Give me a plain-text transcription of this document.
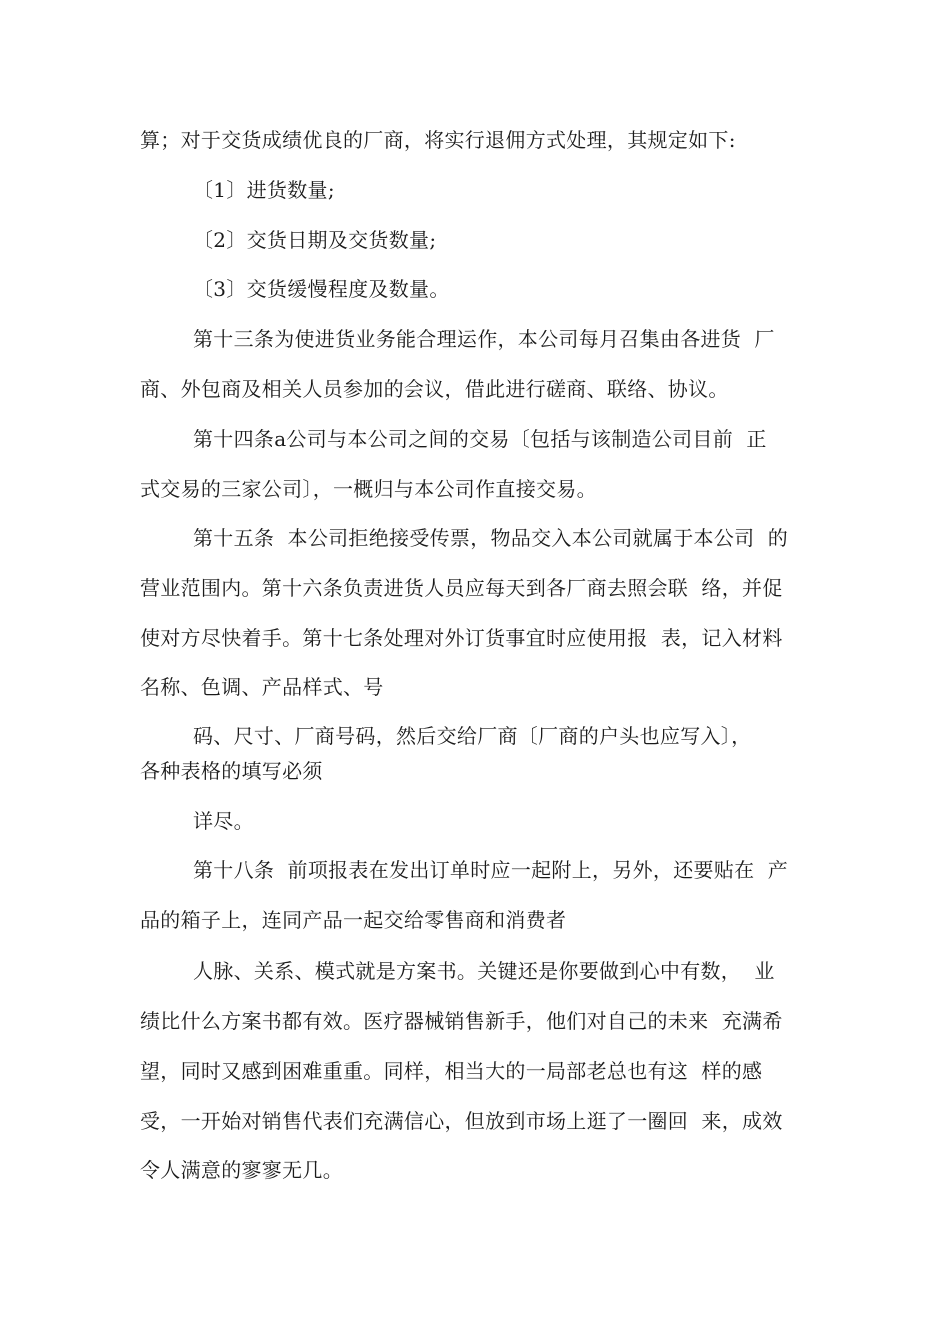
算；对于交货成绩优良的厂商，将实行退佣方式处理，其规定如下:
〔1〕进货数量;
〔2〕交货日期及交货数量;
〔3〕交货缓慢程度及数量。
第十三条为使进货业务能合理运作，本公司每月召集由各进货  厂
商、外包商及相关人员参加的会议，借此进行磋商、联络、协议。
第十四条a公司与本公司之间的交易〔包括与该制造公司目前  正
式交易的三家公司〕，一概归与本公司作直接交易。
第十五条  本公司拒绝接受传票，物品交入本公司就属于本公司  的
营业范围内。第十六条负责进货人员应每天到各厂商去照会联  络，并促
使对方尽快着手。第十七条处理对外订货事宜时应使用报  表，记入材料
名称、色调、产品样式、号
码、尺寸、厂商号码，然后交给厂商〔厂商的户头也应写入〕，
各种表格的填写必须
详尽。
第十八条  前项报表在发出订单时应一起附上，另外，还要贴在  产
品的箱子上，连同产品一起交给零售商和消费者
人脉、关系、模式就是方案书。关键还是你要做到心中有数，  业
绩比什么方案书都有效。医疗器械销售新手，他们对自己的未来  充满希
望，同时又感到困难重重。同样，相当大的一局部老总也有这  样的感
受，一开始对销售代表们充满信心，但放到市场上逛了一圈回  来，成效
令人满意的寥寥无几。
